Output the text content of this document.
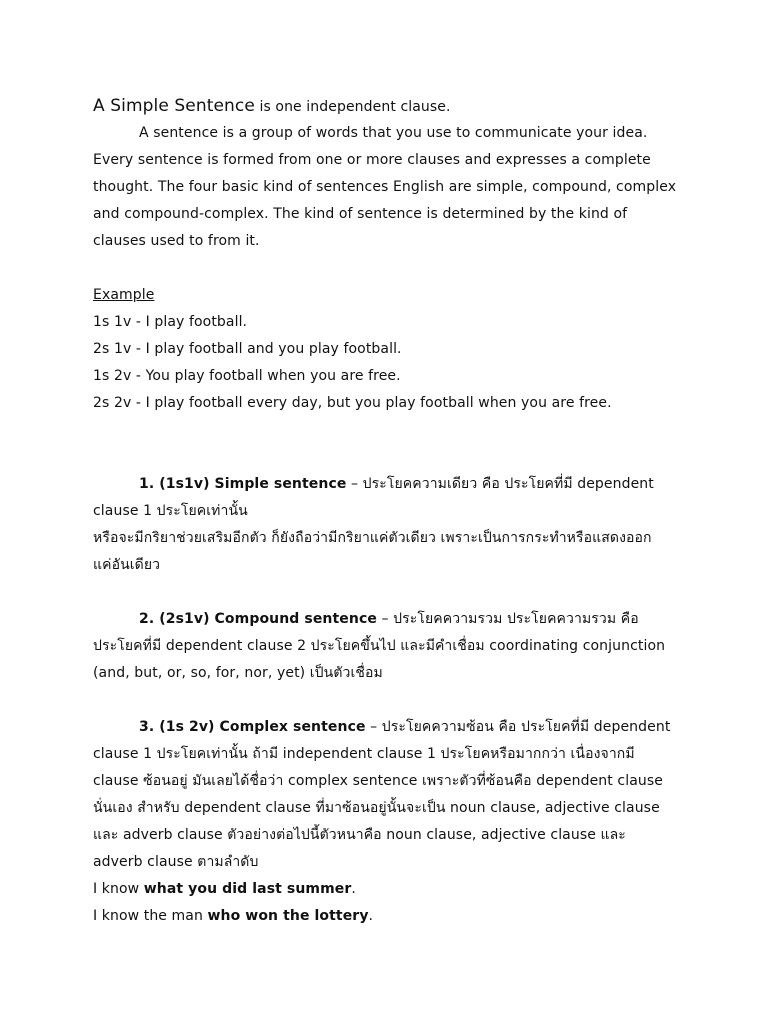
A Simple Sentence is one independent clause.
A sentence is a group of words that you use to communicate your idea.
Every sentence is formed from one or more clauses and expresses a complete
thought. The four basic kind of sentences English are simple, compound, complex
and compound-complex. The kind of sentence is determined by the kind of
clauses used to from it.
Example
1s 1v - I play football.
2s 1v - I play football and you play football.
1s 2v - You play football when you are free.
2s 2v - I play football every day, but you play football when you are free.
1. (1s1v) Simple sentence – ประโยคความเดียว คือ ประโยคที่มี dependent
clause 1 ประโยคเท่านั้น
หรือจะมีกริยาช่วยเสริมอีกตัว ก็ยังถือว่ามีกริยาแค่ตัวเดียว เพราะเป็นการกระทำหรือแสดงออก
แค่อันเดียว
2. (2s1v) Compound sentence – ประโยคความรวม ประโยคความรวม คือ
ประโยคที่มี dependent clause 2 ประโยคขึ้นไป และมีคำเชื่อม coordinating conjunction
(and, but, or, so, for, nor, yet) เป็นตัวเชื่อม
3. (1s 2v) Complex sentence – ประโยคความซ้อน คือ ประโยคที่มี dependent
clause 1 ประโยคเท่านั้น ถ้ามี independent clause 1 ประโยคหรือมากกว่า เนื่องจากมี
clause ซ้อนอยู่ มันเลยได้ชื่อว่า complex sentence เพราะตัวที่ซ้อนคือ dependent clause
นั่นเอง สำหรับ dependent clause ที่มาซ้อนอยู่นั้นจะเป็น noun clause, adjective clause
และ adverb clause ตัวอย่างต่อไปนี้ตัวหนาคือ noun clause, adjective clause และ
adverb clause ตามลำดับ
I know what you did last summer.
I know the man who won the lottery.
